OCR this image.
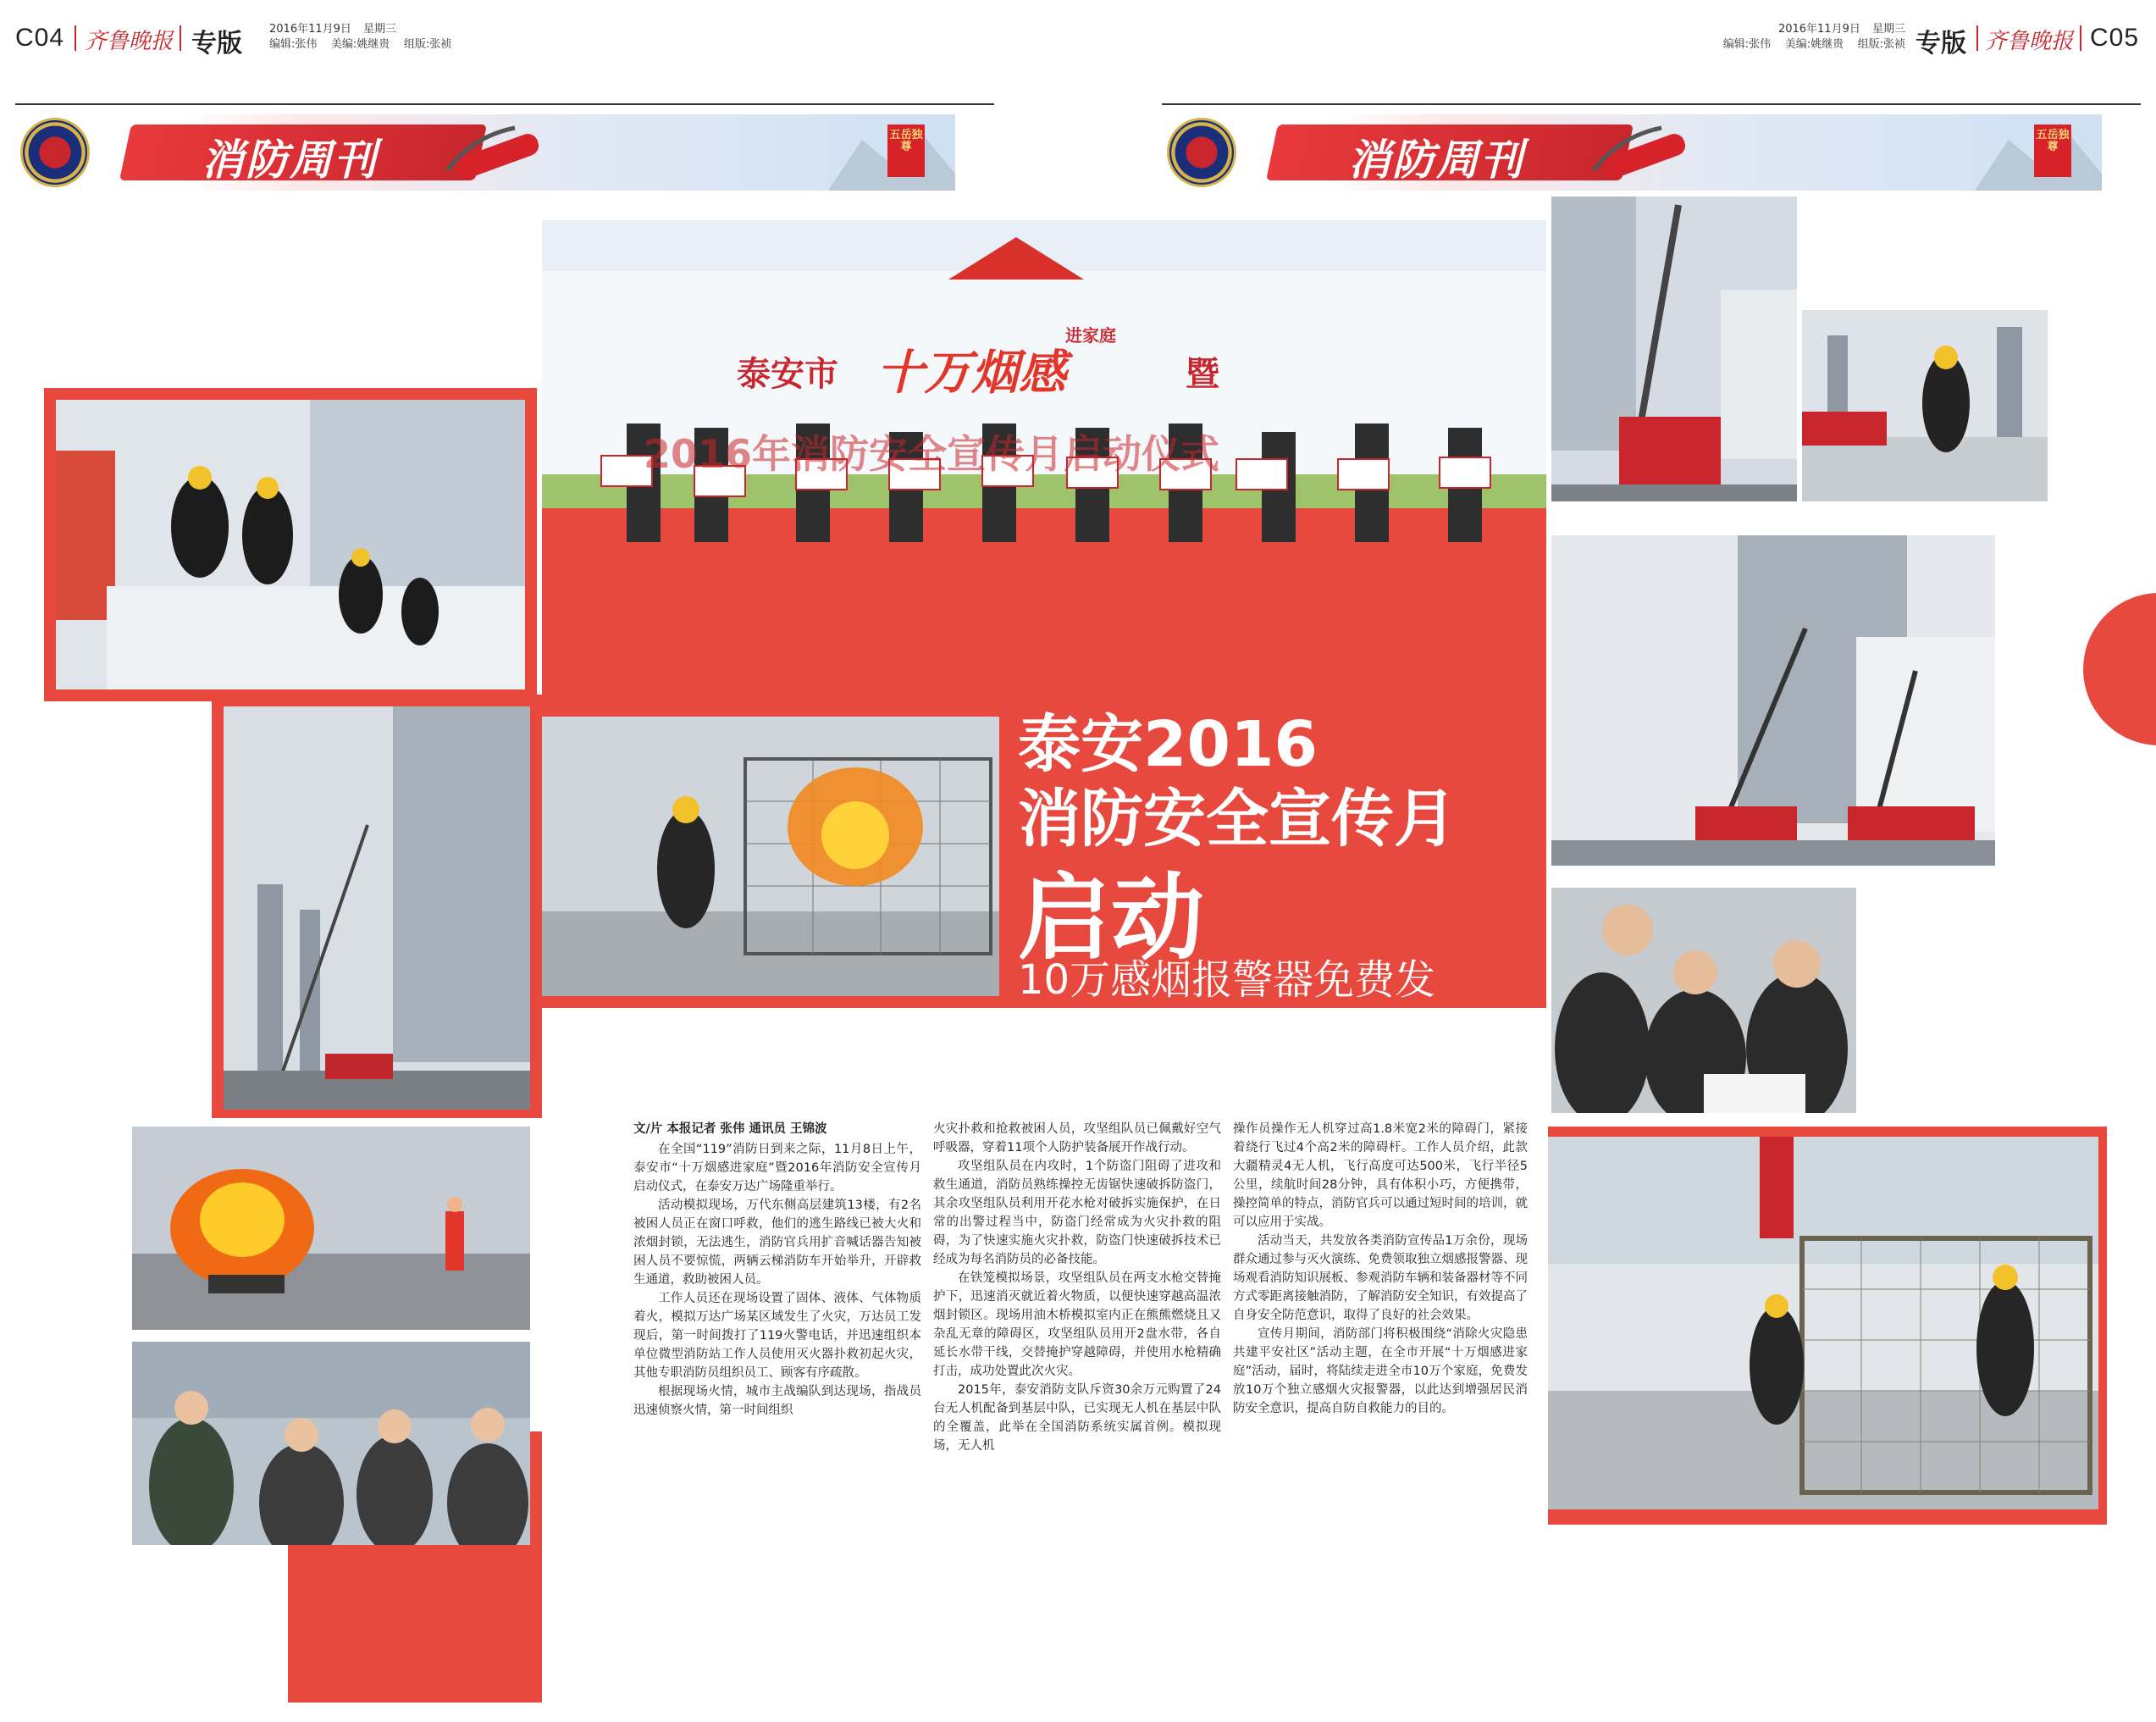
C04 齐鲁晚报 专版 2016年11月9日 星期三
编辑:张伟    美编:姚继贵    组版:张祯
2016年11月9日 星期三
编辑:张伟    美编:姚继贵    组版:张祯 专版 齐鲁晚报 C05
消防周刊
五岳独尊	消防周刊
五岳独尊
泰安市 十万烟感
进家庭
暨
2016年消防安全宣传月启动仪式
泰安2016
消防安全宣传月
启动
10万感烟报警器免费发

文/片 本报记者 张伟 通讯员 王锦波

在全国“119”消防日到来之际，11月8日上午，泰安市“十万烟感进家庭”暨2016年消防安全宣传月启动仪式，在泰安万达广场隆重举行。

活动模拟现场，万代东侧高层建筑13楼，有2名被困人员正在窗口呼救，他们的逃生路线已被大火和浓烟封锁，无法逃生，消防官兵用扩音喊话器告知被困人员不要惊慌，两辆云梯消防车开始举升，开辟救生通道，救助被困人员。

工作人员还在现场设置了固体、液体、气体物质着火，模拟万达广场某区域发生了火灾，万达员工发现后，第一时间拨打了119火警电话，并迅速组织本单位微型消防站工作人员使用灭火器扑救初起火灾，其他专职消防员组织员工、顾客有序疏散。

根据现场火情，城市主战编队到达现场，指战员迅速侦察火情，第一时间组织

火灾扑救和抢救被困人员，攻坚组队员已佩戴好空气呼吸器，穿着11项个人防护装备展开作战行动。

攻坚组队员在内攻时，1个防盗门阻碍了进攻和救生通道，消防员熟练操控无齿锯快速破拆防盗门，其余攻坚组队员利用开花水枪对破拆实施保护，在日常的出警过程当中，防盗门经常成为火灾扑救的阻碍，为了快速实施火灾扑救，防盗门快速破拆技术已经成为每名消防员的必备技能。

在铁笼模拟场景，攻坚组队员在两支水枪交替掩护下，迅速消灭就近着火物质，以便快速穿越高温浓烟封锁区。现场用油木桥模拟室内正在熊熊燃烧且又杂乱无章的障碍区，攻坚组队员用开2盘水带，各自延长水带干线，交替掩护穿越障碍，并使用水枪精确打击，成功处置此次火灾。

2015年，泰安消防支队斥资30余万元购置了24台无人机配备到基层中队，已实现无人机在基层中队的全覆盖，此举在全国消防系统实属首例。模拟现场，无人机

操作员操作无人机穿过高1.8米宽2米的障碍门，紧接着绕行飞过4个高2米的障碍杆。工作人员介绍，此款大疆精灵4无人机，飞行高度可达500米，飞行半径5公里，续航时间28分钟，具有体积小巧，方便携带，操控简单的特点，消防官兵可以通过短时间的培训，就可以应用于实战。

活动当天，共发放各类消防宣传品1万余份，现场群众通过参与灭火演练、免费领取独立烟感报警器、现场观看消防知识展板、参观消防车辆和装备器材等不同方式零距离接触消防，了解消防安全知识，有效提高了自身安全防范意识，取得了良好的社会效果。

宣传月期间，消防部门将积极围绕“消除火灾隐患 共建平安社区”活动主题，在全市开展“十万烟感进家庭”活动，届时，将陆续走进全市10万个家庭，免费发放10万个独立感烟火灾报警器，以此达到增强居民消防安全意识，提高自防自救能力的目的。
